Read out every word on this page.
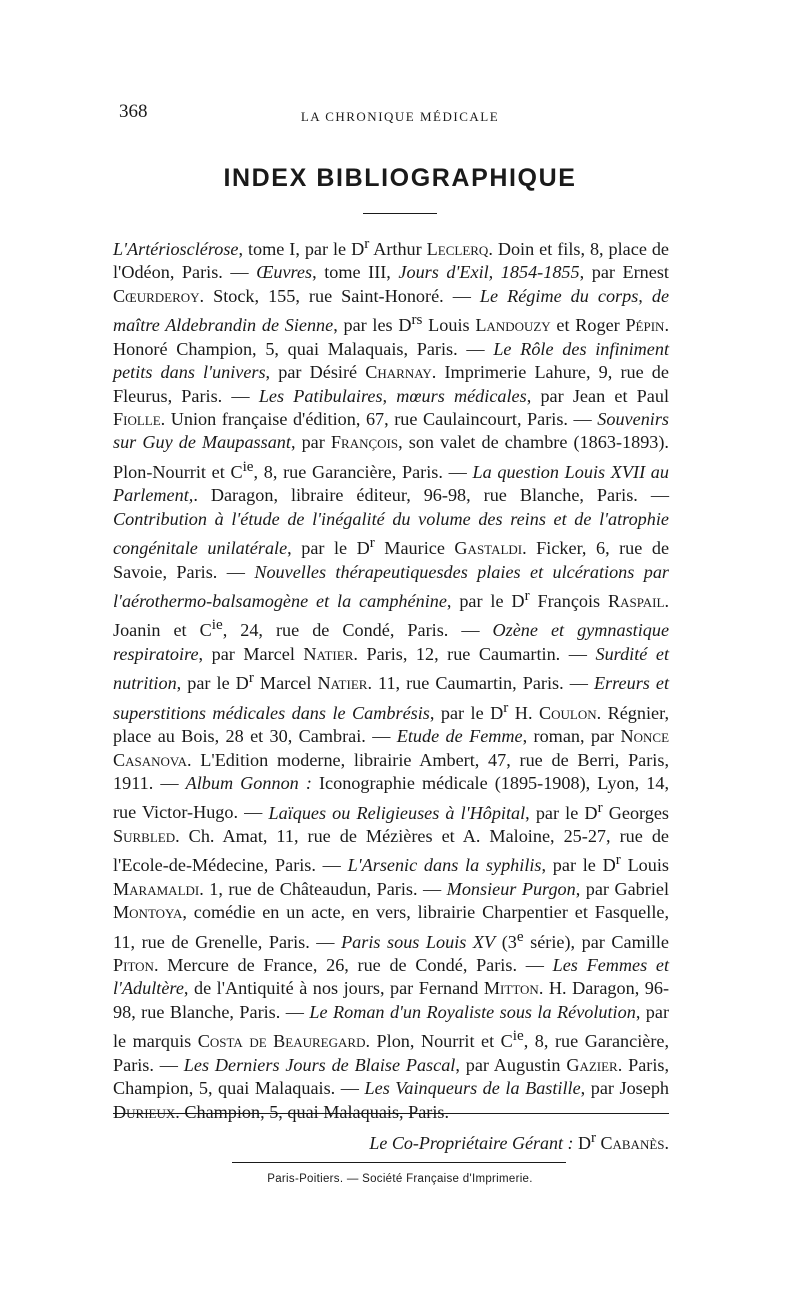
368	LA CHRONIQUE MÉDICALE
INDEX BIBLIOGRAPHIQUE
L'Artériosclérose, tome I, par le $D^r$ Arthur Leclerq. Doin et fils, 8, place de l'Odéon, Paris. — Œuvres, tome III, Jours d'Exil, 1854-1855, par Ernest Cœurderoy. Stock, 155, rue Saint-Honoré. — Le Régime du corps, de maître Aldebrandin de Sienne, par les $D^{rs}$ Louis Landouzy et Roger Pépin. Honoré Champion, 5, quai Malaquais, Paris. — Le Rôle des infiniment petits dans l'univers, par Désiré Charnay. Imprimerie Lahure, 9, rue de Fleurus, Paris. — Les Patibulaires, mœurs médicales, par Jean et Paul Fiolle. Union française d'édition, 67, rue Caulaincourt, Paris. — Souvenirs sur Guy de Maupassant, par François, son valet de chambre (1863-1893). Plon-Nourrit et $C^{ie}$, 8, rue Garancière, Paris. — La question Louis XVII au Parlement,. Daragon, libraire éditeur, 96-98, rue Blanche, Paris. — Contribution à l'étude de l'inégalité du volume des reins et de l'atrophie congénitale unilatérale, par le $D^r$ Maurice Gastaldi. Ficker, 6, rue de Savoie, Paris. — Nouvelles thérapeutiquesdes plaies et ulcérations par l'aérothermo-balsamogène et la camphénine, par le $D^r$ François Raspail. Joanin et $C^{ie}$, 24, rue de Condé, Paris. — Ozène et gymnastique respiratoire, par Marcel Natier. Paris, 12, rue Caumartin. — Surdité et nutrition, par le $D^r$ Marcel Natier. 11, rue Caumartin, Paris. — Erreurs et superstitions médicales dans le Cambrésis, par le $D^r$ H. Coulon. Régnier, place au Bois, 28 et 30, Cambrai. — Etude de Femme, roman, par Nonce Casanova. L'Edition moderne, librairie Ambert, 47, rue de Berri, Paris, 1911. — Album Gonnon : Iconographie médicale (1895-1908), Lyon, 14, rue Victor-Hugo. — Laïques ou Religieuses à l'Hôpital, par le $D^r$ Georges Surbled. Ch. Amat, 11, rue de Mézières et A. Maloine, 25-27, rue de l'Ecole-de-Médecine, Paris. — L'Arsenic dans la syphilis, par le $D^r$ Louis Maramaldi. 1, rue de Châteaudun, Paris. — Monsieur Purgon, par Gabriel Montoya, comédie en un acte, en vers, librairie Charpentier et Fasquelle, 11, rue de Grenelle, Paris. — Paris sous Louis XV (3e série), par Camille Piton. Mercure de France, 26, rue de Condé, Paris. — Les Femmes et l'Adultère, de l'Antiquité à nos jours, par Fernand Mitton. H. Daragon, 96-98, rue Blanche, Paris. — Le Roman d'un Royaliste sous la Révolution, par le marquis Costa de Beauregard. Plon, Nourrit et $C^{ie}$, 8, rue Garancière, Paris. — Les Derniers Jours de Blaise Pascal, par Augustin Gazier. Paris, Champion, 5, quai Malaquais. — Les Vainqueurs de la Bastille, par Joseph Durieux. Champion, 5, quai Malaquais, Paris.
Le Co-Propriétaire Gérant : $D^r$ Cabanès.
Paris-Poitiers. — Société Française d'Imprimerie.
